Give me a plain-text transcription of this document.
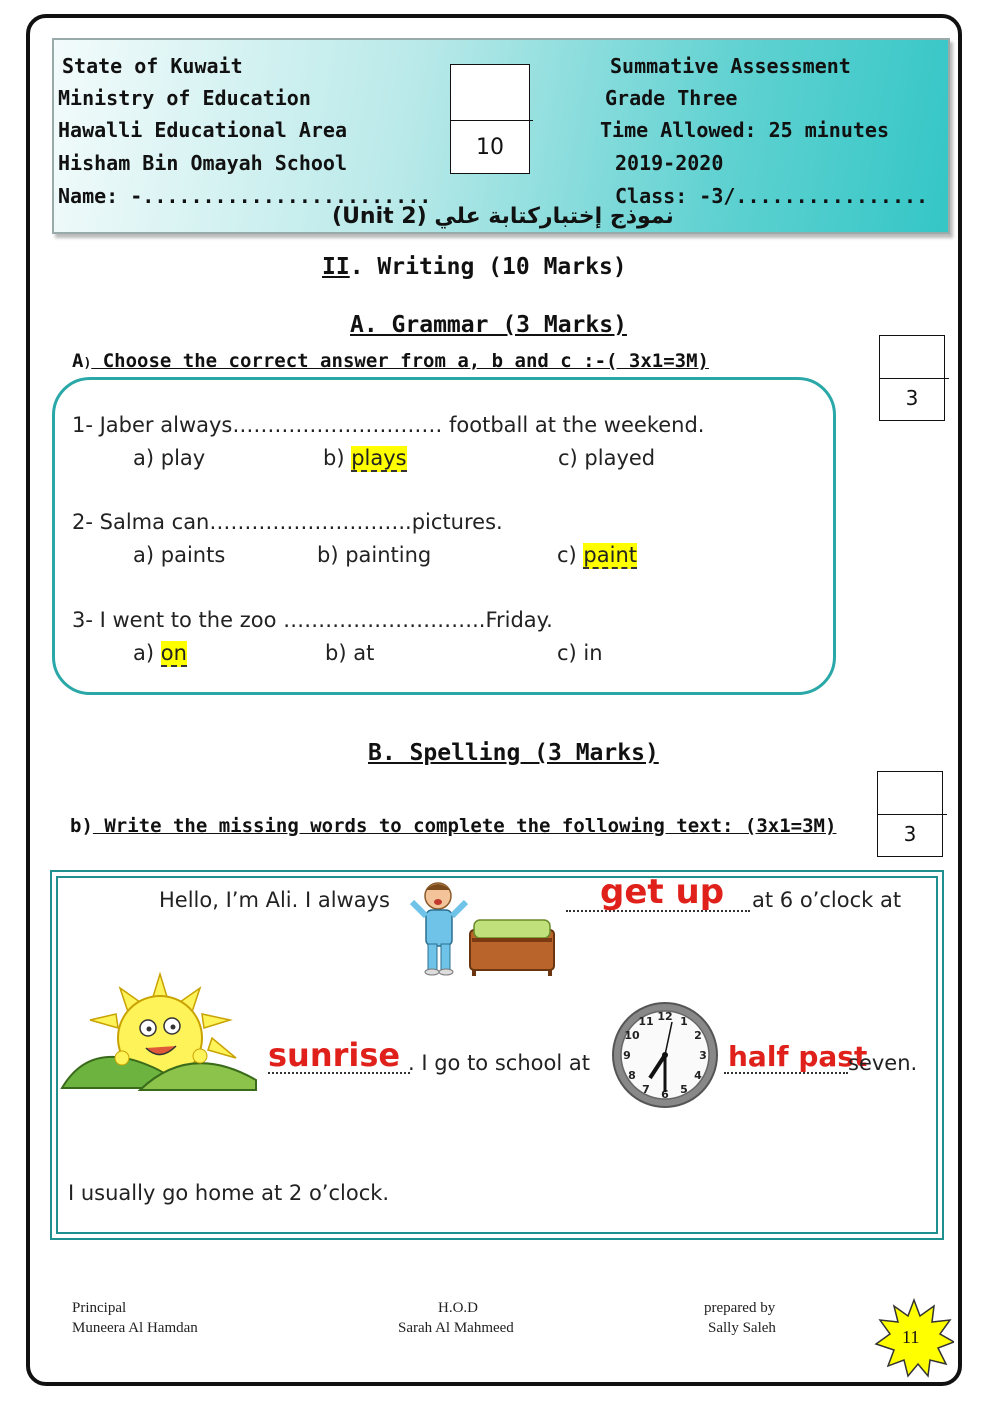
State of Kuwait
Ministry of Education
Hawalli Educational Area
Hisham Bin Omayah School
Name: -........................
Summative Assessment
Grade Three
Time Allowed: 25 minutes
2019-2020
Class: -3/................
10
نموذج إختباركتابة علي (Unit 2)
II. Writing (10 Marks)
A. Grammar (3 Marks)
A) Choose the correct answer from a, b and c :-( 3x1=3M)
3
1- Jaber always………………………… football at the weekend.
a) play	b) plays	c) played
2- Salma can………………………..pictures.
a) paints	b) painting	c) paint
3- I went to the zoo ………………………..Friday.
a) on	b) at	c) in
B. Spelling (3 Marks)
b) Write the missing words to complete the following text: (3x1=3M)	3
Hello, I’m Ali. I always	get up at 6 o’clock at
sunrise . I go to school at
12 1
2
3
4
5
6
7
8
9
10
11
half past
seven.
I usually go home at 2 o’clock.
Principal
Muneera Al Hamdan
H.O.D
Sarah Al Mahmeed
prepared by
Sally Saleh	11
